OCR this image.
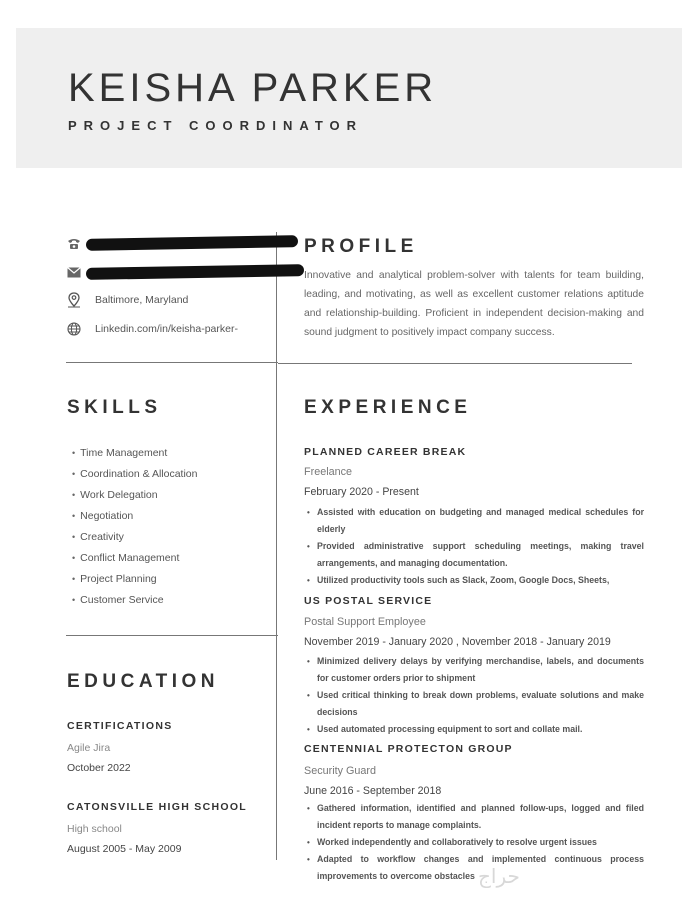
KEISHA PARKER
PROJECT COORDINATOR
Baltimore, Maryland
Linkedin.com/in/keisha-parker-
PROFILE
Innovative and analytical problem-solver with talents for team building, leading, and motivating, as well as excellent customer relations aptitude and relationship-building. Proficient in independent decision-making and sound judgment to positively impact company success.
SKILLS
• Time Management
• Coordination & Allocation
• Work Delegation
• Negotiation
• Creativity
• Conflict Management
• Project Planning
• Customer Service
EDUCATION
CERTIFICATIONS
Agile Jira
October 2022
CATONSVILLE HIGH SCHOOL
High school
August 2005 - May 2009
EXPERIENCE
PLANNED CAREER BREAK
Freelance
February 2020 - Present
• Assisted with education on budgeting and managed medical schedules for elderly
• Provided administrative support scheduling meetings, making travel arrangements, and managing documentation.
• Utilized productivity tools such as Slack, Zoom, Google Docs, Sheets,
US POSTAL SERVICE
Postal Support Employee
November 2019 - January 2020 , November 2018 - January 2019
• Minimized delivery delays by verifying merchandise, labels, and documents for customer orders prior to shipment
• Used critical thinking to break down problems, evaluate solutions and make decisions
• Used automated processing equipment to sort and collate mail.
CENTENNIAL PROTECTON GROUP
Security Guard
June 2016 - September 2018
• Gathered information, identified and planned follow-ups, logged and filed incident reports to manage complaints.
• Worked independently and collaboratively to resolve urgent issues
• Adapted to workflow changes and implemented continuous process improvements to overcome obstacles حراج
